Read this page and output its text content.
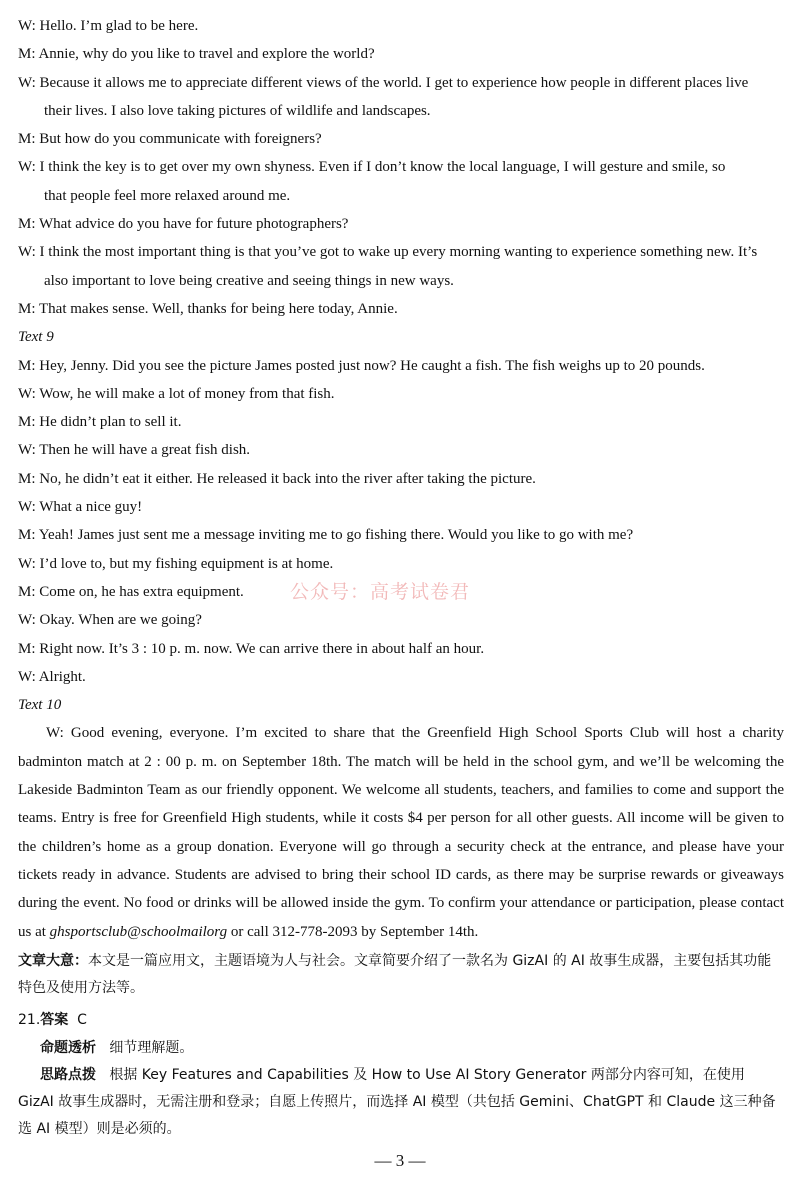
W: Hello. I’m glad to be here.
M: Annie, why do you like to travel and explore the world?
W: Because it allows me to appreciate different views of the world. I get to experience how people in different places live
their lives. I also love taking pictures of wildlife and landscapes.
M: But how do you communicate with foreigners?
W: I think the key is to get over my own shyness. Even if I don’t know the local language, I will gesture and smile, so
that people feel more relaxed around me.
M: What advice do you have for future photographers?
W: I think the most important thing is that you’ve got to wake up every morning wanting to experience something new. It’s
also important to love being creative and seeing things in new ways.
M: That makes sense. Well, thanks for being here today, Annie.
Text 9
M: Hey, Jenny. Did you see the picture James posted just now? He caught a fish. The fish weighs up to 20 pounds.
W: Wow, he will make a lot of money from that fish.
M: He didn’t plan to sell it.
W: Then he will have a great fish dish.
M: No, he didn’t eat it either. He released it back into the river after taking the picture.
W: What a nice guy!
M: Yeah! James just sent me a message inviting me to go fishing there. Would you like to go with me?
W: I’d love to, but my fishing equipment is at home.
M: Come on, he has extra equipment.
W: Okay. When are we going?
M: Right now. It’s 3 : 10 p. m. now. We can arrive there in about half an hour.
W: Alright.
Text 10
W: Good evening, everyone. I’m excited to share that the Greenfield High School Sports Club will host a charity badminton match at 2 : 00 p. m. on September 18th. The match will be held in the school gym, and we’ll be welcoming the Lakeside Badminton Team as our friendly opponent. We welcome all students, teachers, and families to come and support the teams. Entry is free for Greenfield High students, while it costs $4 per person for all other guests. All income will be given to the children’s home as a group donation. Everyone will go through a security check at the entrance, and please have your tickets ready in advance. Students are advised to bring their school ID cards, as there may be surprise rewards or giveaways during the event. No food or drinks will be allowed inside the gym. To confirm your attendance or participation, please contact us at ghsportsclub@schoolmailorg or call 312-778-2093 by September 14th.
文章大意：本文是一篇应用文，主题语境为人与社会。文章简要介绍了一款名为 GizAI 的 AI 故事生成器，主要包括其功能特色及使用方法等。
21.答案 C
命题透析 细节理解题。
思路点拨 根据 Key Features and Capabilities 及 How to Use AI Story Generator 两部分内容可知，在使用 GizAI 故事生成器时，无需注册和登录；自愿上传照片，而选择 AI 模型（共包括 Gemini、ChatGPT 和 Claude 这三种备选 AI 模型）则是必须的。
公众号：高考试卷君
— 3 —
